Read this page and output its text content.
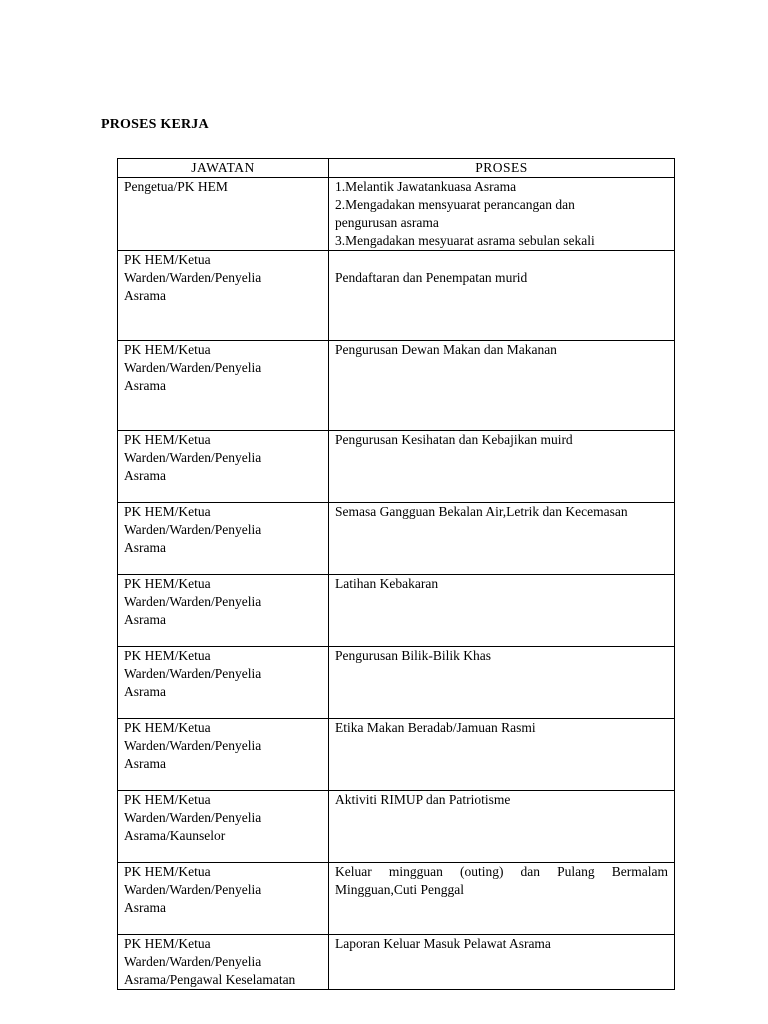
PROSES KERJA
JAWATAN	PROSES

Pengetua/PK HEM	1.Melantik Jawatankuasa Asrama
2.Mengadakan mensyuarat perancangan dan
pengurusan asrama
3.Mengadakan mesyuarat asrama sebulan sekali

PK HEM/Ketua
Warden/Warden/Penyelia
Asrama	Pendaftaran dan Penempatan murid

PK HEM/Ketua
Warden/Warden/Penyelia
Asrama	Pengurusan Dewan Makan dan Makanan

PK HEM/Ketua
Warden/Warden/Penyelia
Asrama	Pengurusan Kesihatan dan Kebajikan muird

PK HEM/Ketua
Warden/Warden/Penyelia
Asrama	Semasa Gangguan Bekalan Air,Letrik dan Kecemasan

PK HEM/Ketua
Warden/Warden/Penyelia
Asrama	Latihan Kebakaran

PK HEM/Ketua
Warden/Warden/Penyelia
Asrama	Pengurusan Bilik-Bilik Khas

PK HEM/Ketua
Warden/Warden/Penyelia
Asrama	Etika Makan Beradab/Jamuan Rasmi

PK HEM/Ketua
Warden/Warden/Penyelia
Asrama/Kaunselor	Aktiviti RIMUP dan Patriotisme

PK HEM/Ketua
Warden/Warden/Penyelia
Asrama	Keluar mingguan (outing) dan Pulang Bermalam Mingguan,Cuti Penggal

PK HEM/Ketua
Warden/Warden/Penyelia
Asrama/Pengawal Keselamatan	Laporan Keluar Masuk Pelawat Asrama
